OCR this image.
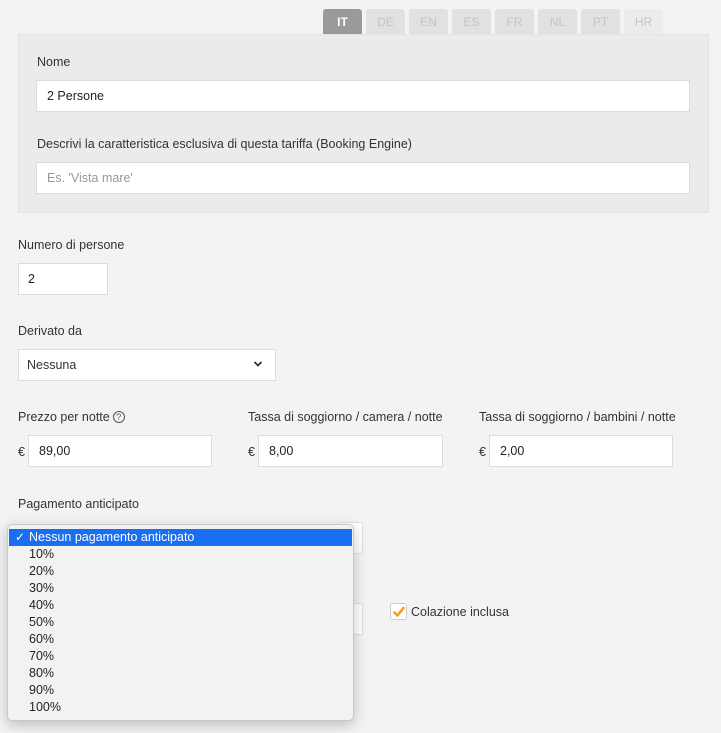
IT	DE	EN	ES	FR	NL	PT	HR
Nome
2 Persone
Descrivi la caratteristica esclusiva di questa tariffa (Booking Engine)
Es. 'Vista mare'
Numero di persone
2
Derivato da
Nessuna
Prezzo per notte ?
€	89,00
Tassa di soggiorno / camera / notte
€	8,00
Tassa di soggiorno / bambini / notte
€	2,00
Pagamento anticipato
Colazione inclusa
✓ Nessun pagamento anticipato
10%
20%
30%
40%
50%
60%
70%
80%
90%
100%
